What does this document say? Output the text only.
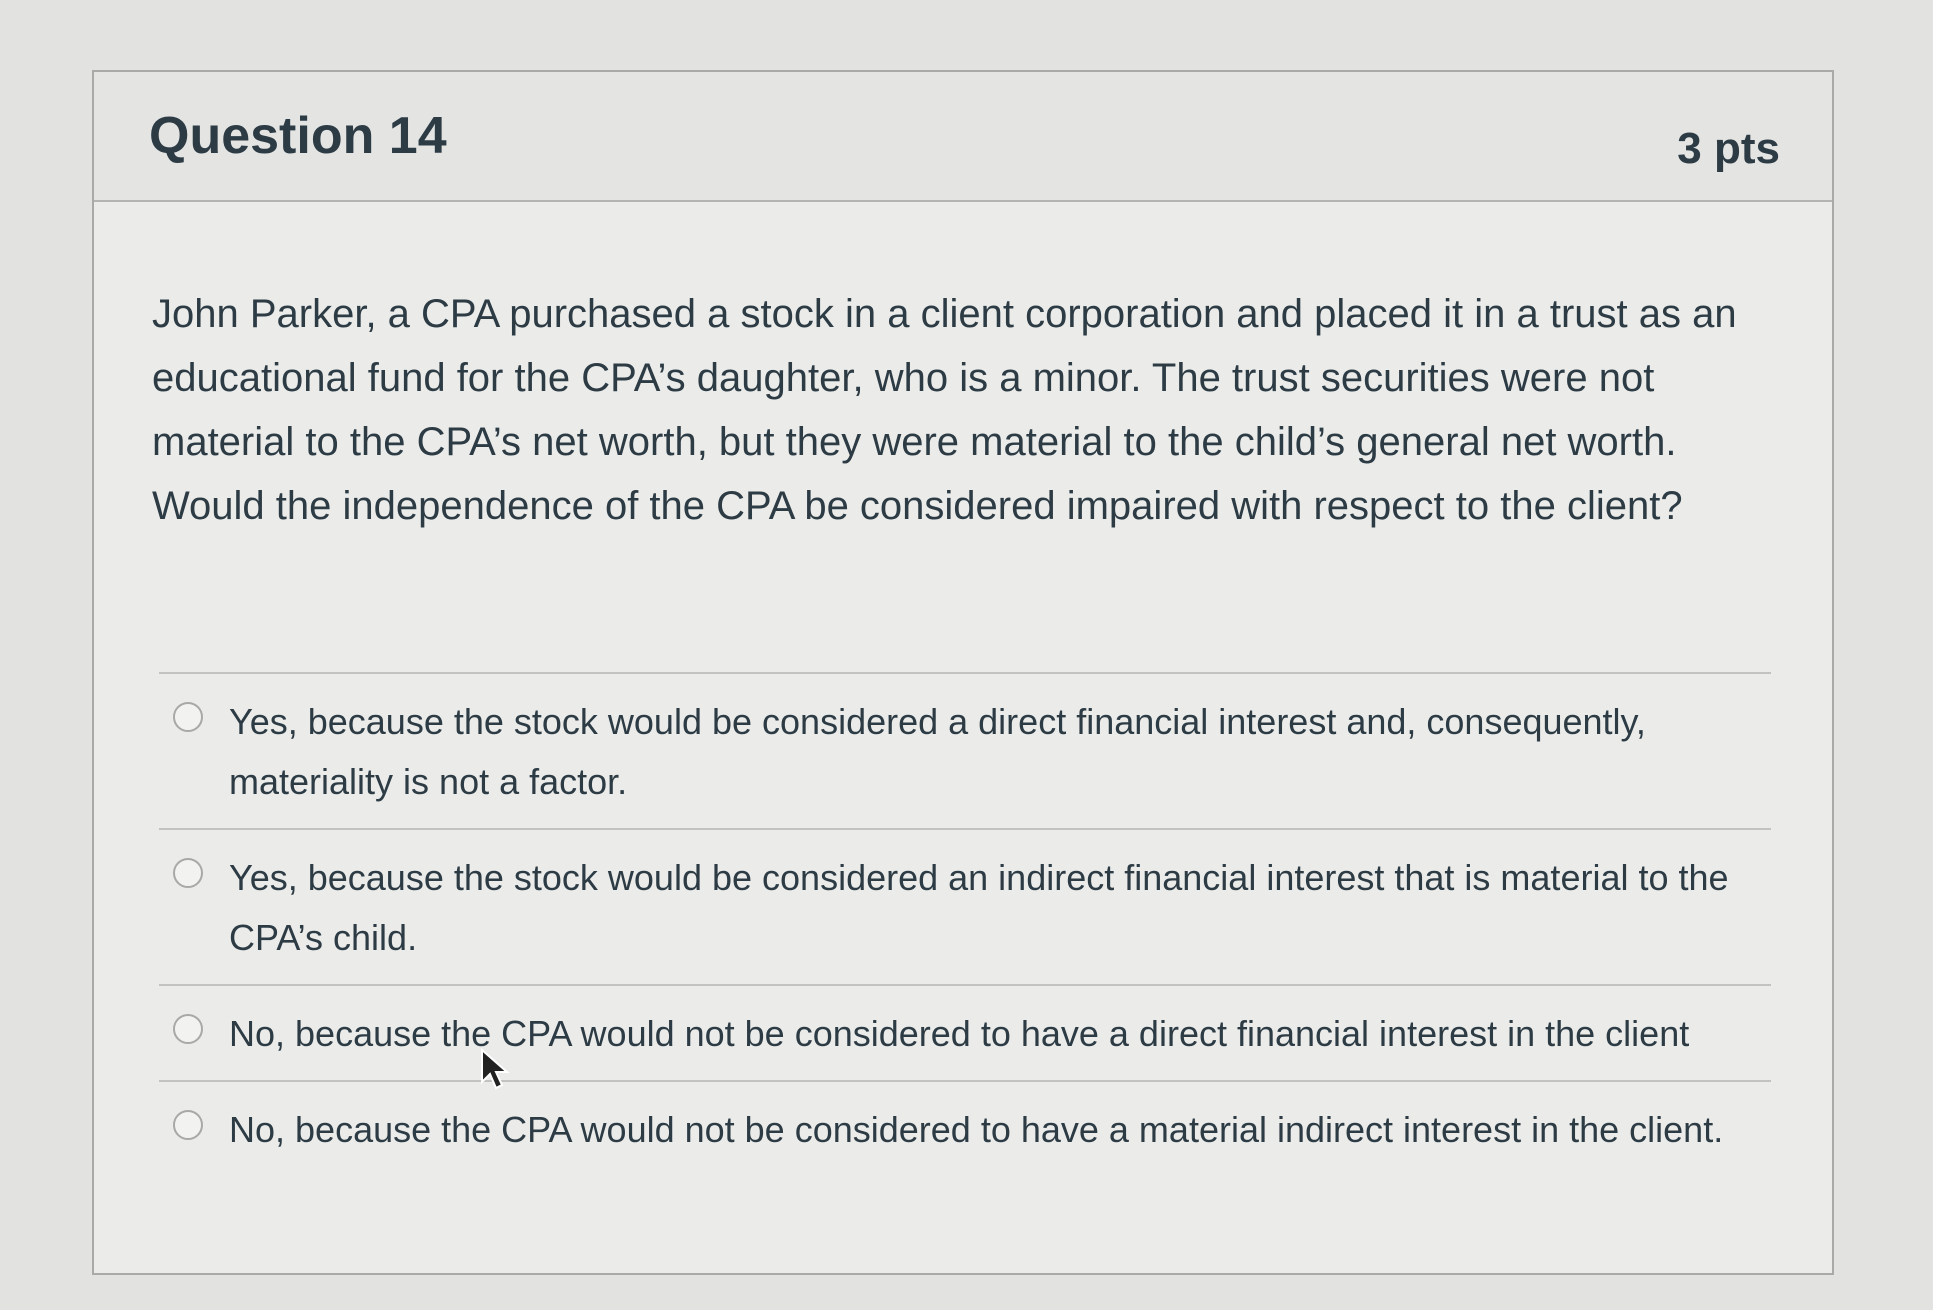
Question 14	3 pts
John Parker, a CPA purchased a stock in a client corporation and placed it in a trust as an educational fund for the CPA’s daughter, who is a minor. The trust securities were not material to the CPA’s net worth, but they were material to the child’s general net worth. Would the independence of the CPA be considered impaired with respect to the client?
Yes, because the stock would be considered a direct financial interest and, consequently, materiality is not a factor.
Yes, because the stock would be considered an indirect financial interest that is material to the CPA’s child.
No, because the CPA would not be considered to have a direct financial interest in the client
No, because the CPA would not be considered to have a material indirect interest in the client.
